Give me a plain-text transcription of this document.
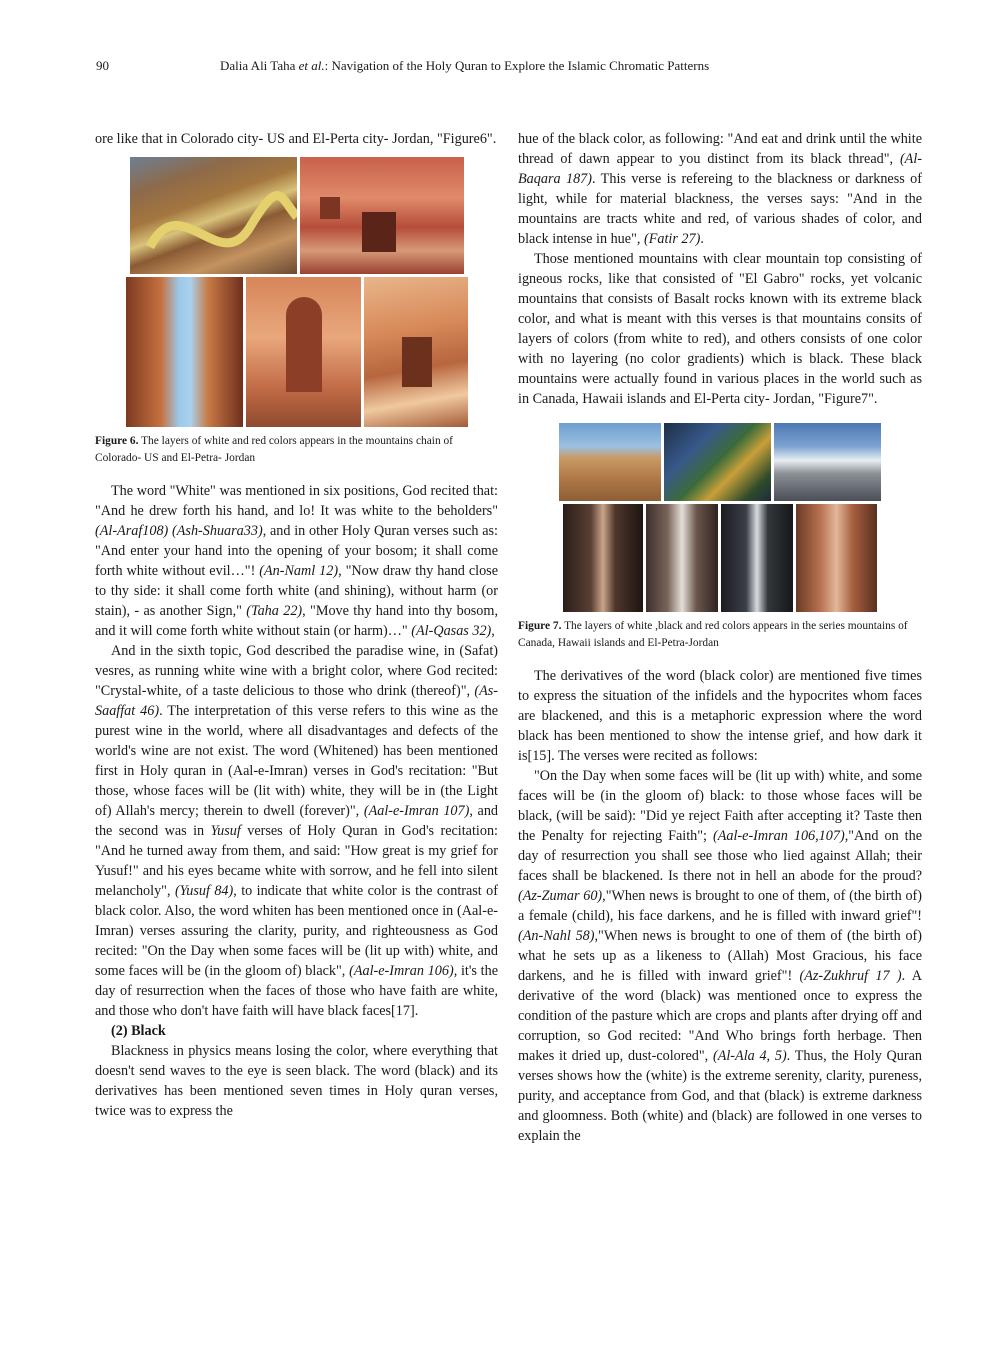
90	Dalia Ali Taha et al.: Navigation of the Holy Quran to Explore the Islamic Chromatic Patterns

ore like that in Colorado city- US and El-Perta city- Jordan, "Figure6".

Figure 6. The layers of white and red colors appears in the mountains chain of Colorado- US and El-Petra- Jordan

The word "White" was mentioned in six positions, God recited that: "And he drew forth his hand, and lo! It was white to the beholders"(Al-Araf108) (Ash-Shuara33), and in other Holy Quran verses such as: "And enter your hand into the opening of your bosom; it shall come forth white without evil…"! (An-Naml 12), "Now draw thy hand close to thy side: it shall come forth white (and shining), without harm (or stain), - as another Sign," (Taha 22), "Move thy hand into thy bosom, and it will come forth white without stain (or harm)…" (Al-Qasas 32),

And in the sixth topic, God described the paradise wine, in (Safat) vesres, as running white wine with a bright color, where God recited: "Crystal-white, of a taste delicious to those who drink (thereof)", (As-Saaffat 46). The interpretation of this verse refers to this wine as the purest wine in the world, where all disadvantages and defects of the world's wine are not exist. The word (Whitened) has been mentioned first in Holy quran in (Aal-e-Imran) verses in God's recitation: "But those, whose faces will be (lit with) white, they will be in (the Light of) Allah's mercy; therein to dwell (forever)", (Aal-e-Imran 107), and the second was in Yusuf verses of Holy Quran in God's recitation: "And he turned away from them, and said: "How great is my grief for Yusuf!" and his eyes became white with sorrow, and he fell into silent melancholy", (Yusuf 84), to indicate that white color is the contrast of black color. Also, the word whiten has been mentioned once in (Aal-e-Imran) verses assuring the clarity, purity, and righteousness as God recited: "On the Day when some faces will be (lit up with) white, and some faces will be (in the gloom of) black", (Aal-e-Imran 106), it's the day of resurrection when the faces of those who have faith are white, and those who don't have faith will have black faces[17].

(2) Black

Blackness in physics means losing the color, where everything that doesn't send waves to the eye is seen black. The word (black) and its derivatives has been mentioned seven times in Holy quran verses, twice was to express the

hue of the black color, as following: "And eat and drink until the white thread of dawn appear to you distinct from its black thread", (Al-Baqara 187). This verse is refereing to the blackness or darkness of light, while for material blackness, the verses says: "And in the mountains are tracts white and red, of various shades of color, and black intense in hue", (Fatir 27).

Those mentioned mountains with clear mountain top consisting of igneous rocks, like that consisted of "El Gabro" rocks, yet volcanic mountains that consists of Basalt rocks known with its extreme black color, and what is meant with this verses is that mountains consits of layers of colors (from white to red), and others consists of one color with no layering (no color gradients) which is black. These black mountains were actually found in various places in the world such as in Canada, Hawaii islands and El-Perta city- Jordan, "Figure7".

Figure 7. The layers of white ,black and red colors appears in the series mountains of Canada, Hawaii islands and El-Petra-Jordan

The derivatives of the word (black color) are mentioned five times to express the situation of the infidels and the hypocrites whom faces are blackened, and this is a metaphoric expression where the word black has been mentioned to show the intense grief, and how dark it is[15]. The verses were recited as follows:

"On the Day when some faces will be (lit up with) white, and some faces will be (in the gloom of) black: to those whose faces will be black, (will be said): "Did ye reject Faith after accepting it? Taste then the Penalty for rejecting Faith"; (Aal-e-Imran 106,107),"And on the day of resurrection you shall see those who lied against Allah; their faces shall be blackened. Is there not in hell an abode for the proud? (Az-Zumar 60),"When news is brought to one of them, of (the birth of) a female (child), his face darkens, and he is filled with inward grief"! (An-Nahl 58),"When news is brought to one of them of (the birth of) what he sets up as a likeness to (Allah) Most Gracious, his face darkens, and he is filled with inward grief"! (Az-Zukhruf 17 ). A derivative of the word (black) was mentioned once to express the condition of the pasture which are crops and plants after drying off and corruption, so God recited: "And Who brings forth herbage. Then makes it dried up, dust-colored", (Al-Ala 4, 5). Thus, the Holy Quran verses shows how the (white) is the extreme serenity, clarity, pureness, purity, and acceptance from God, and that (black) is extreme darkness and gloomness. Both (white) and (black) are followed in one verses to explain the
